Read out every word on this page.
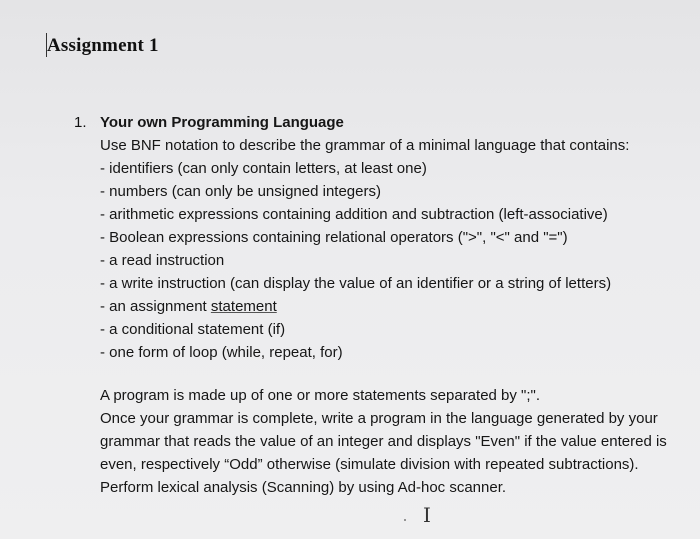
Assignment 1
1. Your own Programming Language
Use BNF notation to describe the grammar of a minimal language that contains:
- identifiers (can only contain letters, at least one)
- numbers (can only be unsigned integers)
- arithmetic expressions containing addition and subtraction (left-associative)
- Boolean expressions containing relational operators (">", "<" and "=")
- a read instruction
- a write instruction (can display the value of an identifier or a string of letters)
- an assignment statement
- a conditional statement (if)
- one form of loop (while, repeat, for)
A program is made up of one or more statements separated by ";".
Once your grammar is complete, write a program in the language generated by your
grammar that reads the value of an integer and displays "Even" if the value entered is
even, respectively “Odd” otherwise (simulate division with repeated subtractions).
Perform lexical analysis (Scanning) by using Ad-hoc scanner.
I
